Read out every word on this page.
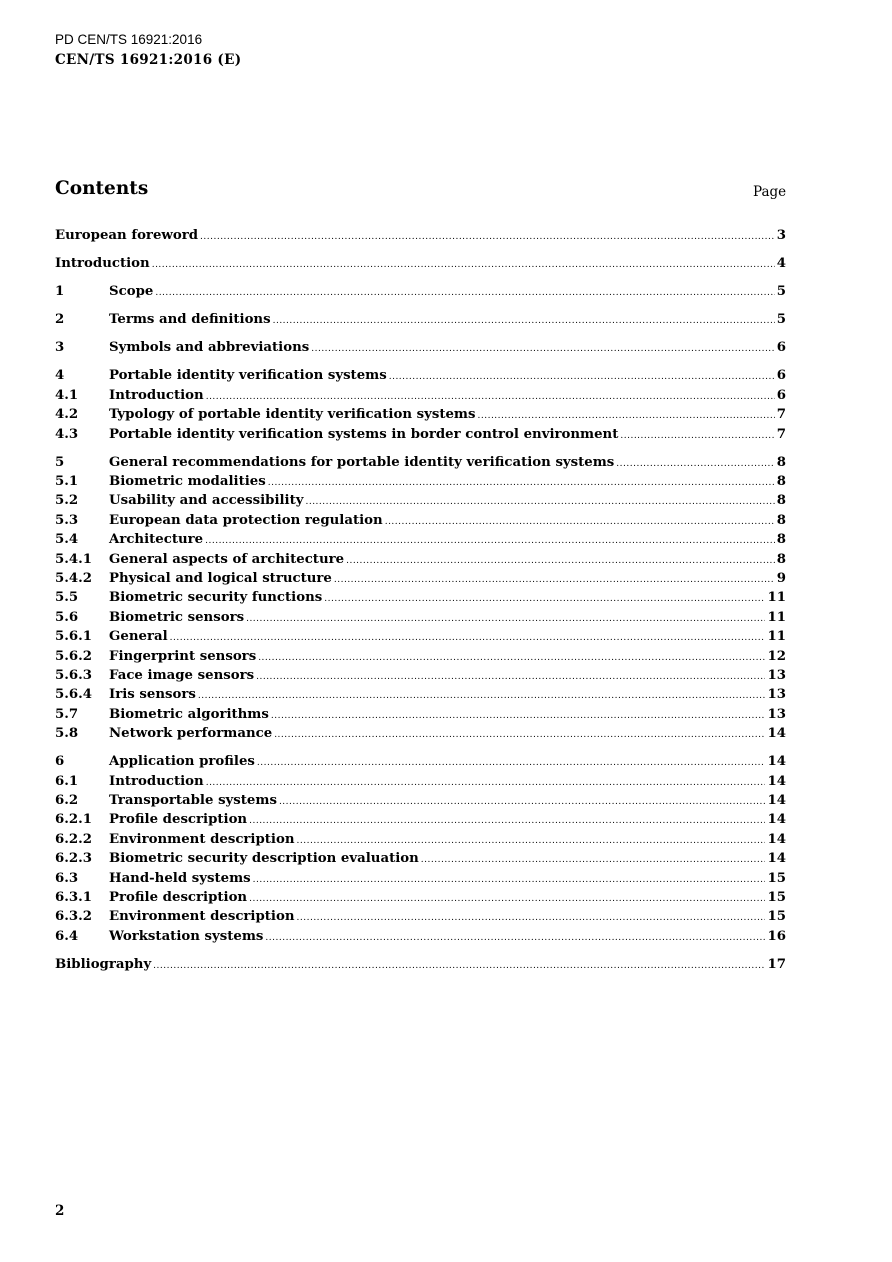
PD CEN/TS 16921:2016
CEN/TS 16921:2016 (E)
Contents	Page
European foreword .....	3
Introduction .....	4
1	Scope .....	5
2	Terms and definitions .....	5
3	Symbols and abbreviations .....	6
4	Portable identity verification systems .....	6
4.1	Introduction .....	6
4.2	Typology of portable identity verification systems .....	7
4.3	Portable identity verification systems in border control environment .....	7
5	General recommendations for portable identity verification systems .....	8
5.1	Biometric modalities .....	8
5.2	Usability and accessibility .....	8
5.3	European data protection regulation .....	8
5.4	Architecture .....	8
5.4.1	General aspects of architecture .....	8
5.4.2	Physical and logical structure .....	9
5.5	Biometric security functions .....	11
5.6	Biometric sensors .....	11
5.6.1	General .....	11
5.6.2	Fingerprint sensors .....	12
5.6.3	Face image sensors .....	13
5.6.4	Iris sensors .....	13
5.7	Biometric algorithms .....	13
5.8	Network performance .....	14
6	Application profiles .....	14
6.1	Introduction .....	14
6.2	Transportable systems .....	14
6.2.1	Profile description .....	14
6.2.2	Environment description .....	14
6.2.3	Biometric security description evaluation .....	14
6.3	Hand-held systems .....	15
6.3.1	Profile description .....	15
6.3.2	Environment description .....	15
6.4	Workstation systems .....	16
Bibliography .....	17
2
